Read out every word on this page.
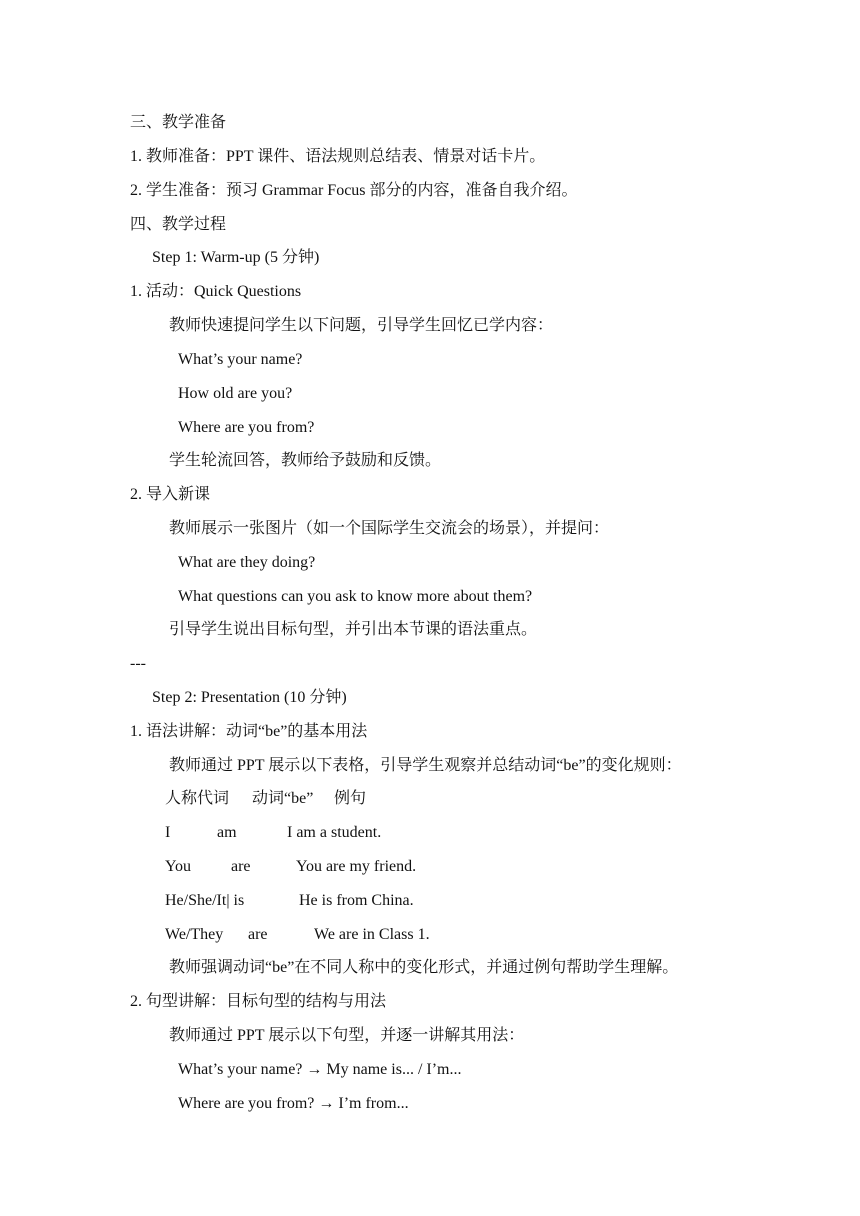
三、教学准备
1. 教师准备：PPT 课件、语法规则总结表、情景对话卡片。
2. 学生准备：预习 Grammar Focus 部分的内容，准备自我介绍。
四、教学过程
Step 1: Warm-up (5 分钟)
1. 活动：Quick Questions
教师快速提问学生以下问题，引导学生回忆已学内容：
What’s your name?
How old are you?
Where are you from?
学生轮流回答，教师给予鼓励和反馈。
2. 导入新课
教师展示一张图片（如一个国际学生交流会的场景），并提问：
What are they doing?
What questions can you ask to know more about them?
引导学生说出目标句型，并引出本节课的语法重点。
---
Step 2: Presentation (10 分钟)
1. 语法讲解：动词“be”的基本用法
教师通过 PPT 展示以下表格，引导学生观察并总结动词“be”的变化规则：
人称代词 动词“be” 例句
I	am	I am a student.
You	are	You are my friend.
He/She/It| is	He is from China.
We/They are	We are in Class 1.
教师强调动词“be”在不同人称中的变化形式，并通过例句帮助学生理解。
2. 句型讲解：目标句型的结构与用法
教师通过 PPT 展示以下句型，并逐一讲解其用法：
What’s your name? → My name is... / I’m...
Where are you from? → I’m from...
